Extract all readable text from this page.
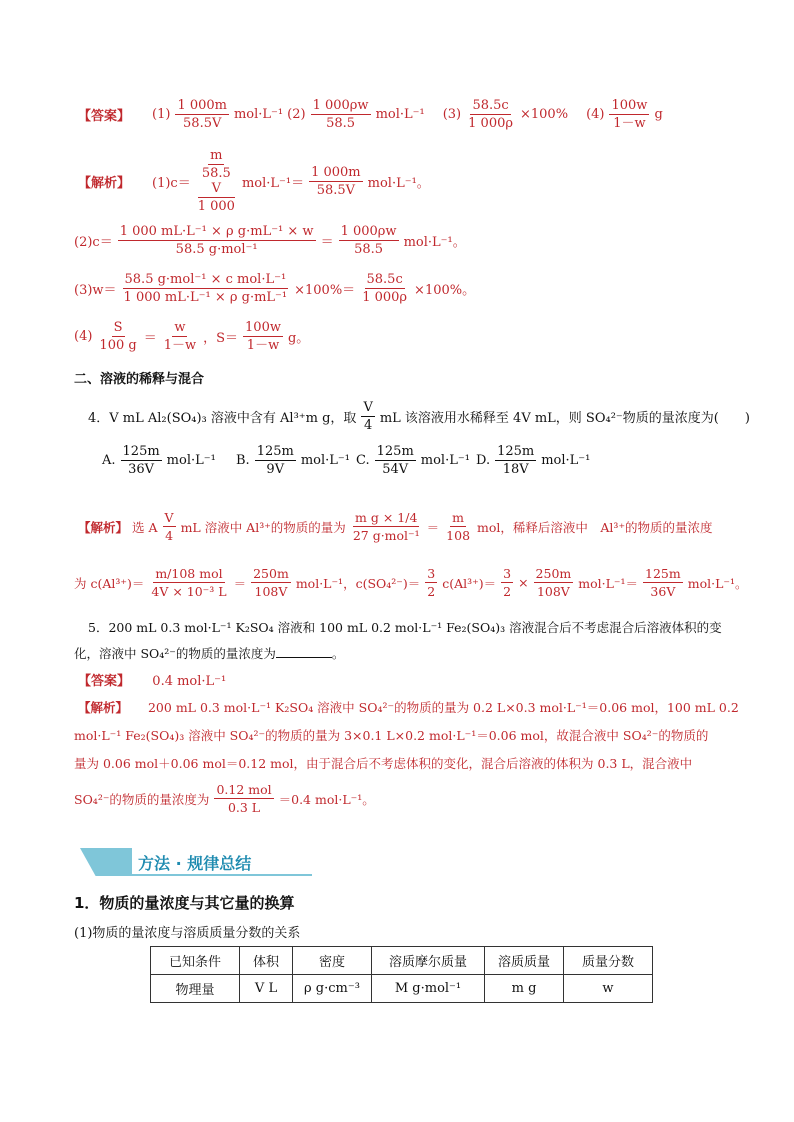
【答案】 (1)
1 000m
58.5V
mol·L⁻¹ (2)
1 000ρw
58.5
mol·L⁻¹ $(3) \frac{58.5c}{1 000\rho} \times 100\%$ (4)
100w
1－w
g
【解析】 (1)c＝
m
58.5
V
1 000
mol·L⁻¹＝
1 000m
58.5V mol·L⁻¹。
(2)c＝
1 000 mL·L⁻¹ × ρ g·mL⁻¹ × w
58.5 g·mol⁻¹	＝
1 000ρw
58.5 mol·L⁻¹。
(3)w＝
58.5 g·mol⁻¹ × c mol·L⁻¹
1 000 mL·L⁻¹ × ρ $g\cdot mL^{-1} \times 100\%= \frac{58.5c}{1 000\rho} \times 100\%$。
(4)
S
100 g ＝
w
1－w ，S＝
100w
1－w g。
二、溶液的稀释与混合
4．V mL Al₂(SO₄)₃ 溶液中含有 Al³⁺m g，取
V
4 mL 该溶液用水稀释至 4V mL，则 SO₄²⁻物质的量浓度为(　　)
A.
125m
36V
mol·L⁻¹ B.
125m
9V
mol·L⁻¹ C.
125m
54V
mol·L⁻¹ D.
125m
18V
mol·L⁻¹
【解析】 选 A
V
4
mL 溶液中 Al³⁺的物质的量为
m g × 1/4
27 g·mol⁻¹
＝
m
108
mol，稀释后溶液中　Al³⁺的物质的量浓度
为 c(Al³⁺)＝
m/108 mol
4V × 10⁻³ L
＝
250m
108V
mol·L⁻¹，c(SO₄²⁻)＝
3
2
$c(Al^{3+})= \frac{3}{2} \times \frac{250m}{108V} mol\cdot L^{-1}=$
125m
36V
mol·L⁻¹。
5．200 mL 0.3 mol·L⁻¹ K₂SO₄ 溶液和 100 mL 0.2 mol·L⁻¹ Fe₂(SO₄)₃ 溶液混合后不考虑混合后溶液体积的变
化，溶液中 SO₄²⁻的物质的量浓度为	。
【答案】 0.4 mol·L⁻¹
【解析】 200 mL 0.3 mol·L⁻¹ K₂SO₄ 溶液中 SO₄²⁻的物质的量为 0.2 L×0.3 mol·L⁻¹＝0.06 mol，100 mL 0.2
mol·L⁻¹ Fe₂(SO₄)₃ 溶液中 SO₄²⁻的物质的量为 3×0.1 L×0.2 mol·L⁻¹＝0.06 mol，故混合液中 SO₄²⁻的物质的
量为 0.06 mol＋0.06 mol＝0.12 mol，由于混合后不考虑体积的变化，混合后溶液的体积为 0.3 L，混合液中
SO₄²⁻的物质的量浓度为
0.12 mol
0.3 L
＝0.4 mol·L⁻¹。
方法 · 规律总结
1．物质的量浓度与其它量的换算
(1)物质的量浓度与溶质质量分数的关系
已知条件	体积	密度	溶质摩尔质量	溶质质量	质量分数
物理量	V L	ρ g·cm⁻³	M g·mol⁻¹	m g	w
